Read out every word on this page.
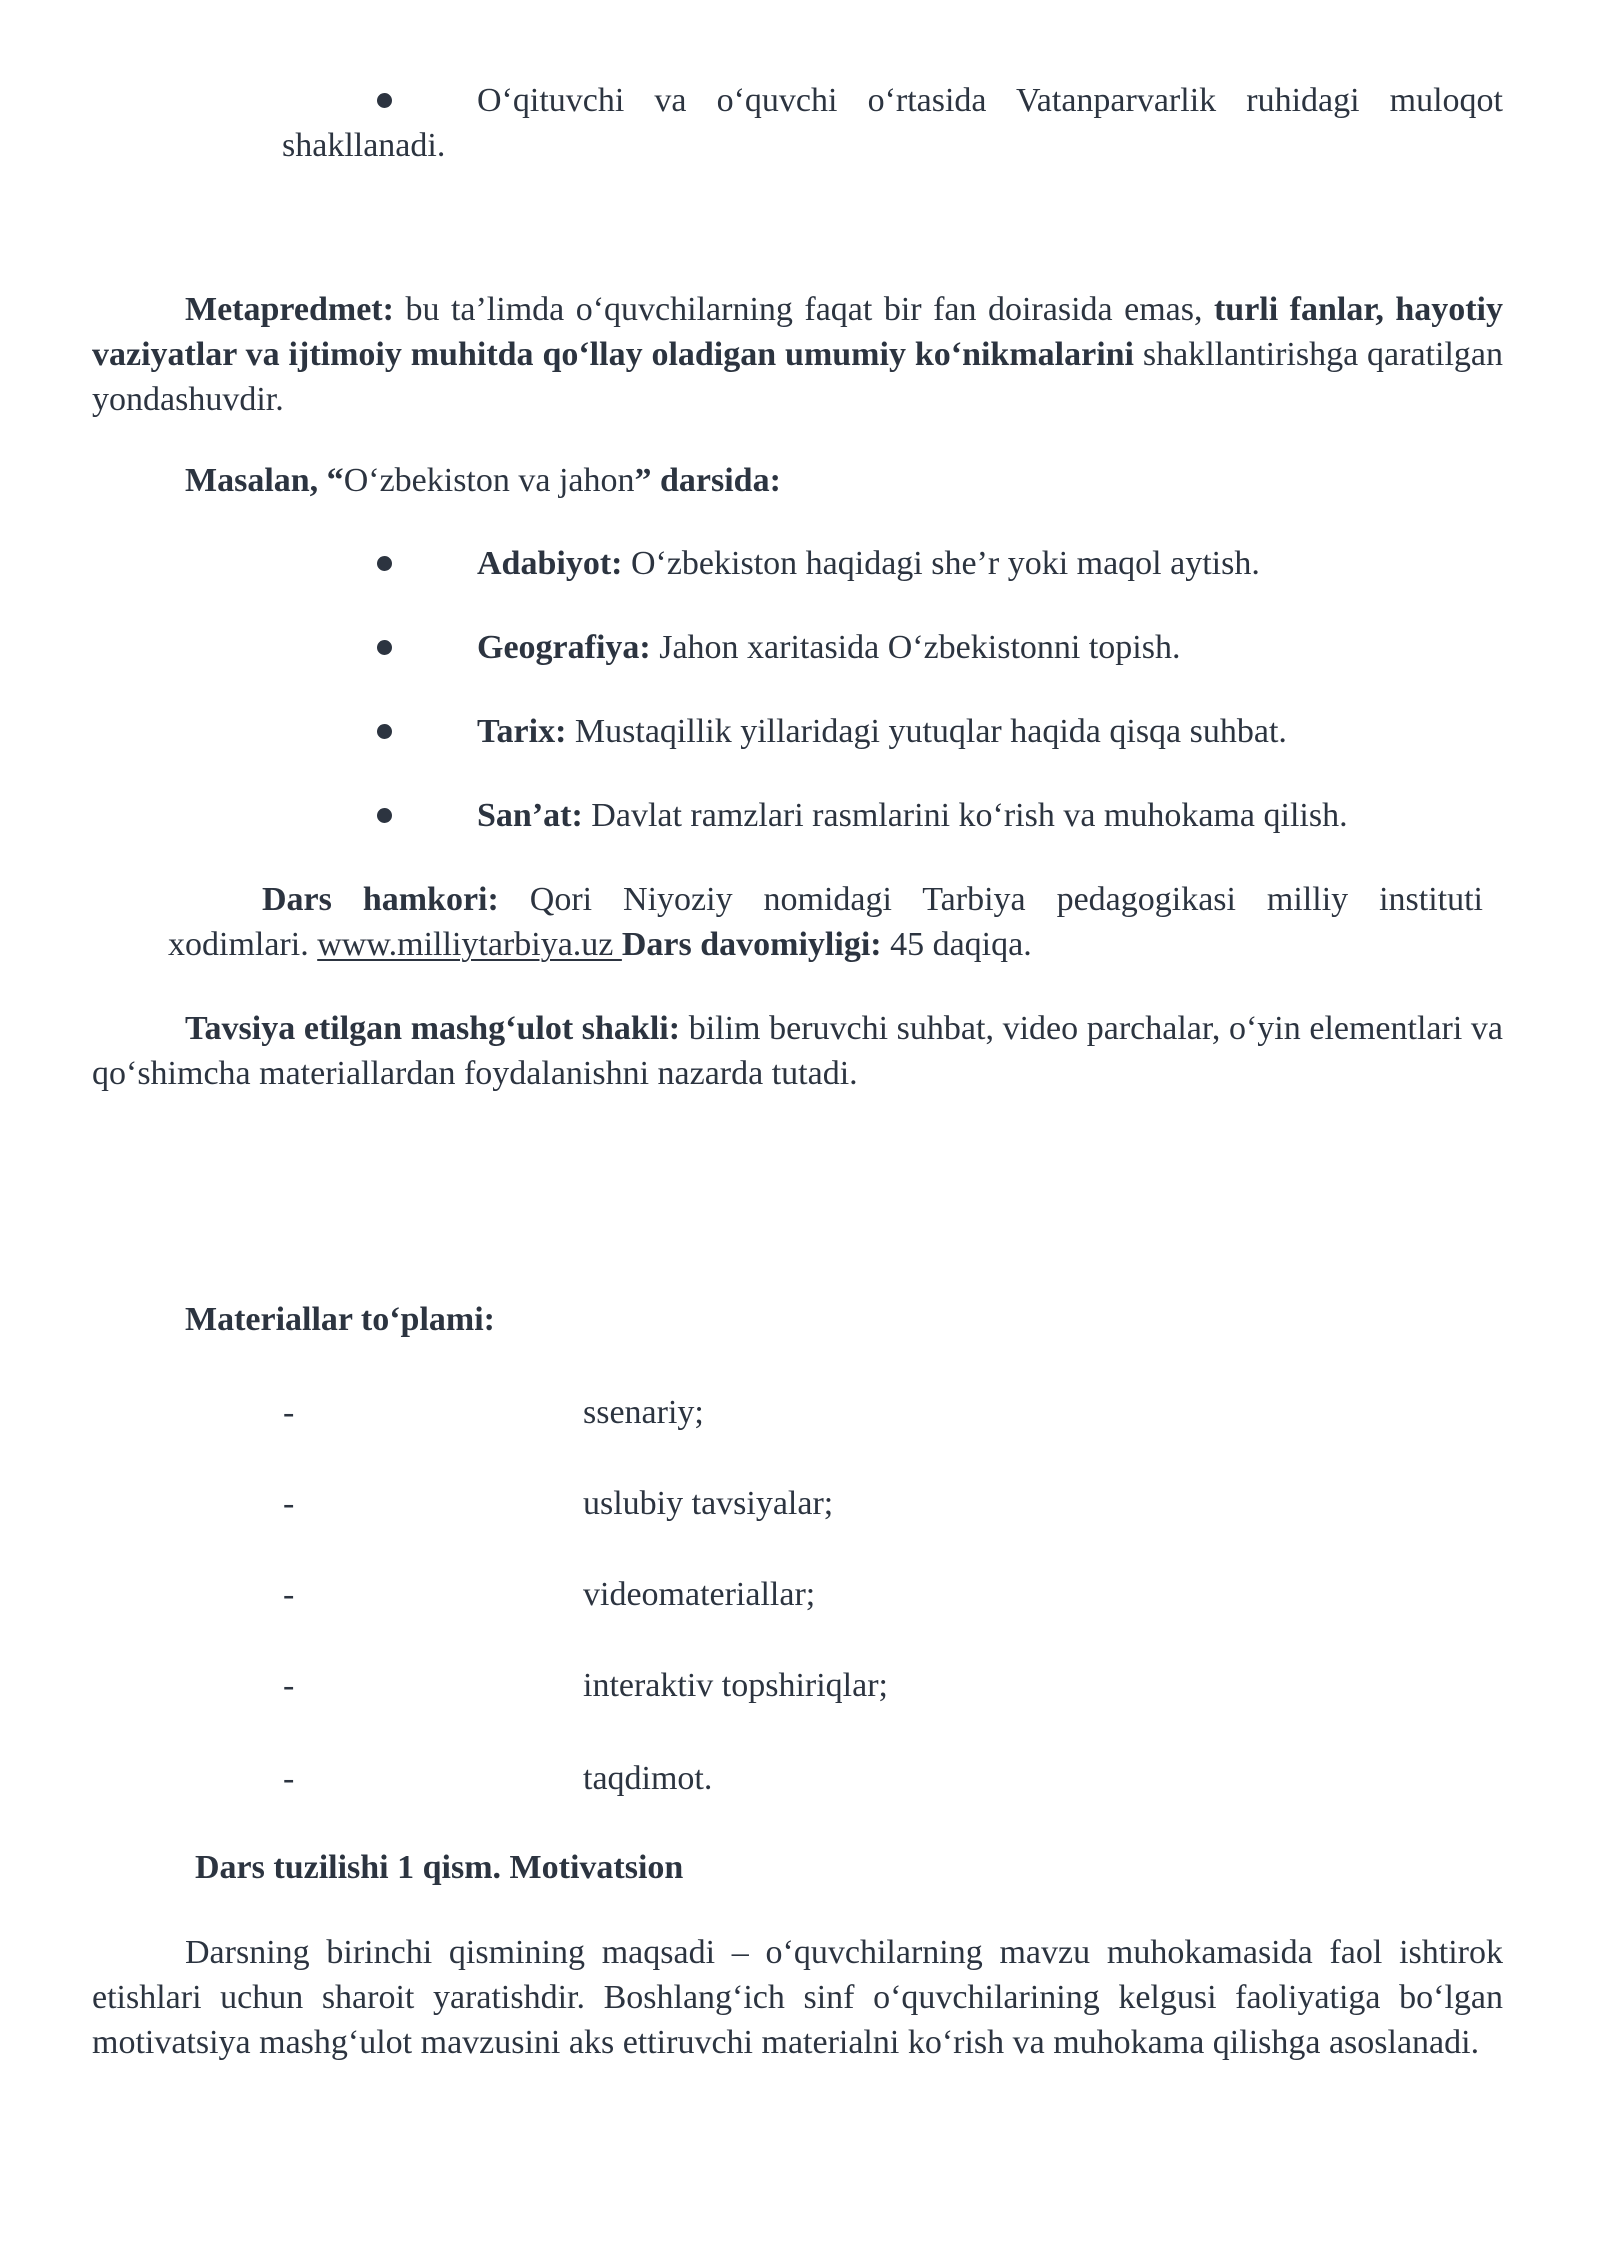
O‘qituvchi va o‘quvchi o‘rtasida Vatanparvarlik ruhidagi muloqot

shakllanadi.

Metapredmet: bu ta’limda o‘quvchilarning faqat bir fan doirasida emas, turli fanlar, hayotiy vaziyatlar va ijtimoiy muhitda qo‘llay oladigan umumiy ko‘nikmalarini shakllantirishga qaratilgan yondashuvdir.

Masalan, “O‘zbekiston va jahon” darsida:

Adabiyot: O‘zbekiston haqidagi she’r yoki maqol aytish.

Geografiya: Jahon xaritasida O‘zbekistonni topish.

Tarix: Mustaqillik yillaridagi yutuqlar haqida qisqa suhbat.

San’at: Davlat ramzlari rasmlarini ko‘rish va muhokama qilish.

Dars hamkori: Qori Niyoziy nomidagi Tarbiya pedagogikasi milliy instituti

xodimlari. www.milliytarbiya.uz Dars davomiyligi: 45 daqiqa.

Tavsiya etilgan mashg‘ulot shakli: bilim beruvchi suhbat, video parchalar, o‘yin elementlari va qo‘shimcha materiallardan foydalanishni nazarda tutadi.

Materiallar to‘plami:

-	ssenariy;
-	uslubiy tavsiyalar;
-	videomateriallar;
-	interaktiv topshiriqlar;
-	taqdimot.

Dars tuzilishi 1 qism. Motivatsion

Darsning birinchi qismining maqsadi – o‘quvchilarning mavzu muhokamasida faol ishtirok etishlari uchun sharoit yaratishdir. Boshlang‘ich sinf o‘quvchilarining kelgusi faoliyatiga bo‘lgan motivatsiya mashg‘ulot mavzusini aks ettiruvchi materialni ko‘rish va muhokama qilishga asoslanadi.
